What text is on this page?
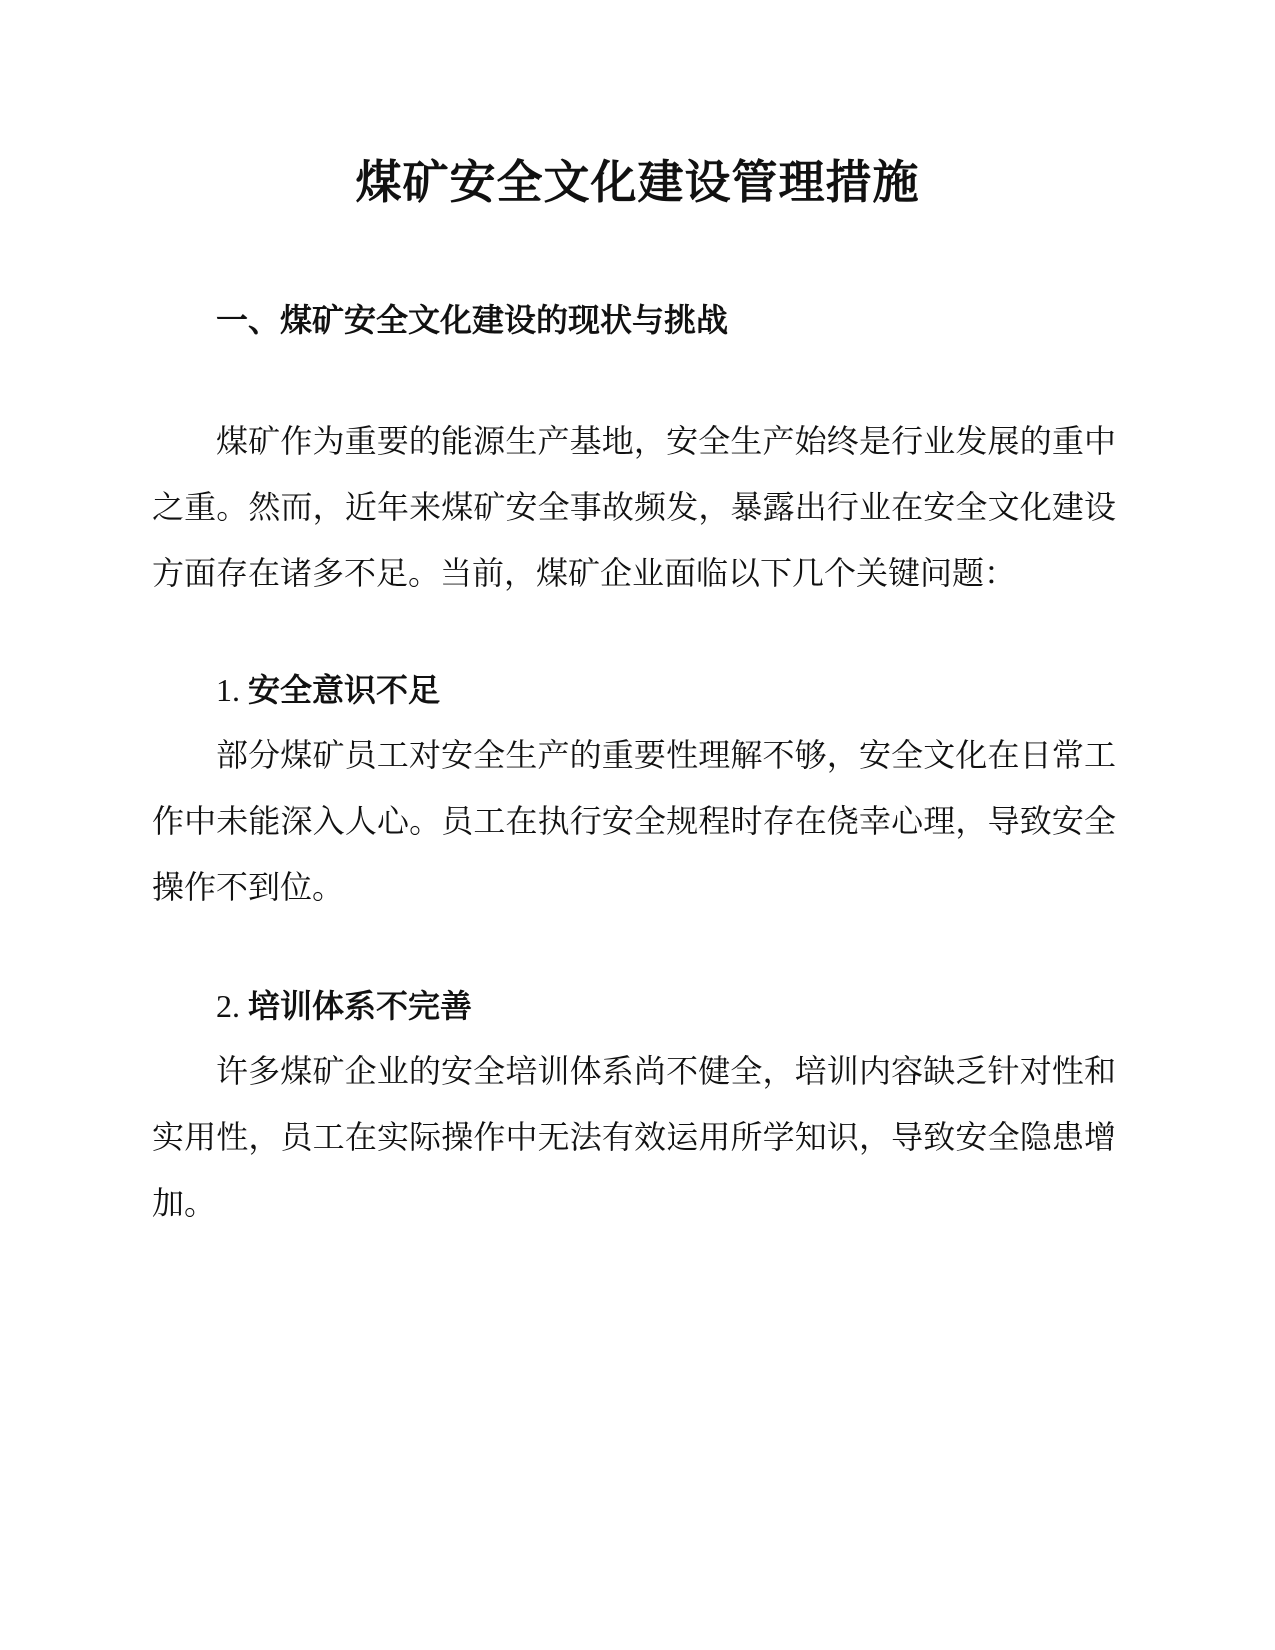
煤矿安全文化建设管理措施
一、煤矿安全文化建设的现状与挑战

煤矿作为重要的能源生产基地，安全生产始终是行业发展的重中之重。然而，近年来煤矿安全事故频发，暴露出行业在安全文化建设方面存在诸多不足。当前，煤矿企业面临以下几个关键问题：

1. 安全意识不足

部分煤矿员工对安全生产的重要性理解不够，安全文化在日常工作中未能深入人心。员工在执行安全规程时存在侥幸心理，导致安全操作不到位。

2. 培训体系不完善

许多煤矿企业的安全培训体系尚不健全，培训内容缺乏针对性和实用性，员工在实际操作中无法有效运用所学知识，导致安全隐患增加。
